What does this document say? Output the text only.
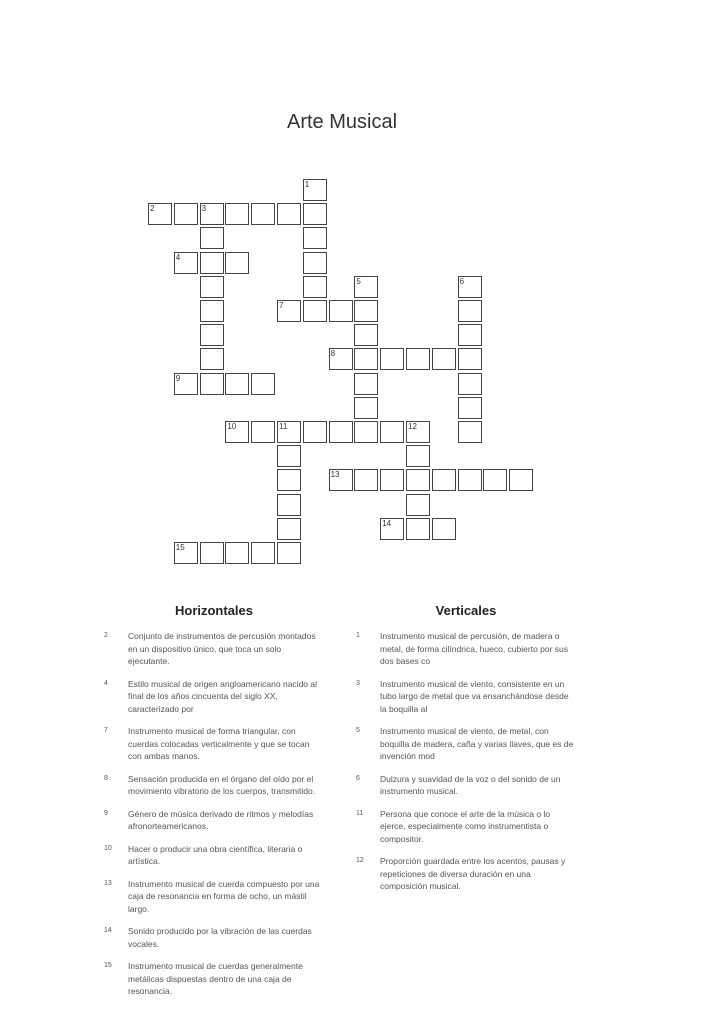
Arte Musical
1
2	3
4
5	6
7
8
9
10	11	12
13
14
15
Horizontales
2	Conjunto de instrumentos de percusión montados en un dispositivo único, que toca un solo ejecutante.
4	Estilo musical de origen angloamericano nacido al final de los años cincuenta del siglo XX, caracterizado por
7	Instrumento musical de forma triangular, con cuerdas colocadas verticalmente y que se tocan con ambas manos.
8	Sensación producida en el órgano del oído por el movimiento vibratorio de los cuerpos, transmitido.
9	Género de música derivado de ritmos y melodías afronorteamericanos.
10	Hacer o producir una obra científica, literaria o artística.
13	Instrumento musical de cuerda compuesto por una caja de resonancia en forma de ocho, un mástil largo.
14	Sonido producido por la vibración de las cuerdas vocales.
15	Instrumento musical de cuerdas generalmente metálicas dispuestas dentro de una caja de resonancia.
Verticales
1	Instrumento musical de percusión, de madera o metal, de forma cilíndrica, hueco, cubierto por sus dos bases co
3	Instrumento musical de viento, consistente en un tubo largo de metal que va ensanchándose desde la boquilla al
5	Instrumento musical de viento, de metal, con boquilla de madera, caña y varias llaves, que es de invención mod
6	Dulzura y suavidad de la voz o del sonido de un instrumento musical.
11	Persona que conoce el arte de la música o lo ejerce, especialmente como instrumentista o compositor.
12	Proporción guardada entre los acentos, pausas y repeticiones de diversa duración en una composición musical.
